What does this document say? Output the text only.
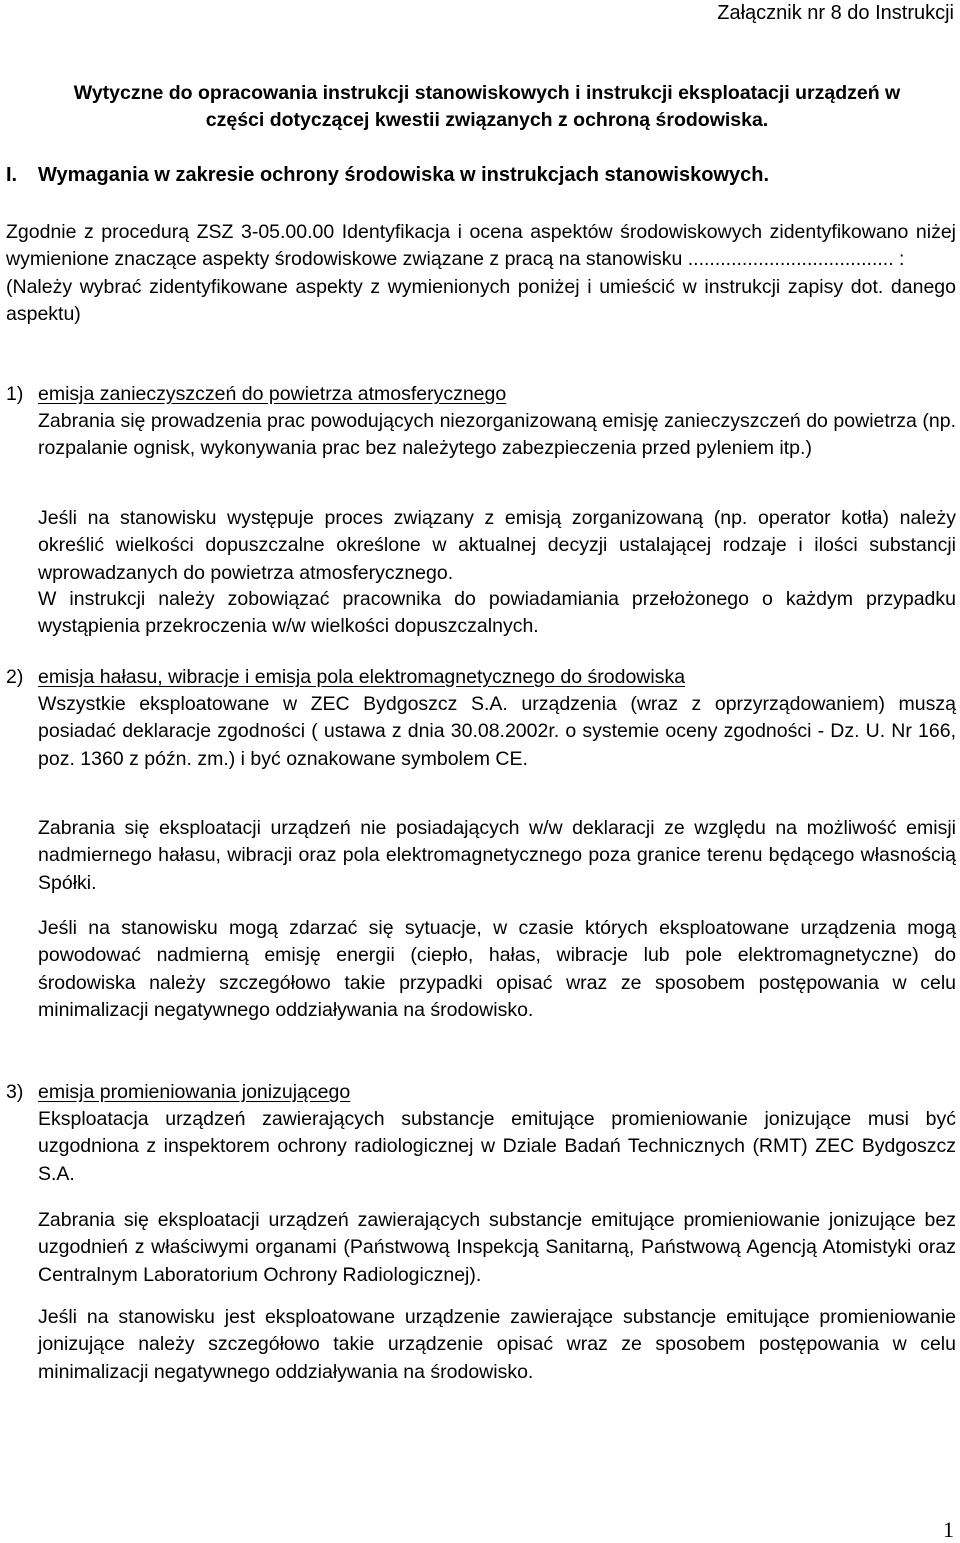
Załącznik nr 8 do Instrukcji
Wytyczne do opracowania instrukcji stanowiskowych i instrukcji eksploatacji urządzeń w części dotyczącej kwestii związanych z ochroną środowiska.
I. Wymagania w zakresie ochrony środowiska w instrukcjach stanowiskowych.

Zgodnie z procedurą ZSZ 3-05.00.00 Identyfikacja i ocena aspektów środowiskowych zidentyfikowano niżej wymienione znaczące aspekty środowiskowe związane z pracą na stanowisku ...................................... :

(Należy wybrać zidentyfikowane aspekty z wymienionych poniżej i umieścić w instrukcji zapisy dot. danego aspektu)

1) emisja zanieczyszczeń do powietrza atmosferycznego

Zabrania się prowadzenia prac powodujących niezorganizowaną emisję zanieczyszczeń do powietrza (np. rozpalanie ognisk, wykonywania prac bez należytego zabezpieczenia przed pyleniem itp.)

Jeśli na stanowisku występuje proces związany z emisją zorganizowaną (np. operator kotła) należy określić wielkości dopuszczalne określone w aktualnej decyzji ustalającej rodzaje i ilości substancji wprowadzanych do powietrza atmosferycznego.

W instrukcji należy zobowiązać pracownika do powiadamiania przełożonego o każdym przypadku wystąpienia przekroczenia w/w wielkości dopuszczalnych.

2) emisja hałasu, wibracje i emisja pola elektromagnetycznego do środowiska

Wszystkie eksploatowane w ZEC Bydgoszcz S.A. urządzenia (wraz z oprzyrządowaniem) muszą posiadać deklaracje zgodności ( ustawa z dnia 30.08.2002r. o systemie oceny zgodności - Dz. U. Nr 166, poz. 1360 z późn. zm.) i być oznakowane symbolem CE.

Zabrania się eksploatacji urządzeń nie posiadających w/w deklaracji ze względu na możliwość emisji nadmiernego hałasu, wibracji oraz pola elektromagnetycznego poza granice terenu będącego własnością Spółki.

Jeśli na stanowisku mogą zdarzać się sytuacje, w czasie których eksploatowane urządzenia mogą powodować nadmierną emisję energii (ciepło, hałas, wibracje lub pole elektromagnetyczne) do środowiska należy szczegółowo takie przypadki opisać wraz ze sposobem postępowania w celu minimalizacji negatywnego oddziaływania na środowisko.

3) emisja promieniowania jonizującego

Eksploatacja urządzeń zawierających substancje emitujące promieniowanie jonizujące musi być uzgodniona z inspektorem ochrony radiologicznej w Dziale Badań Technicznych (RMT) ZEC Bydgoszcz S.A.

Zabrania się eksploatacji urządzeń zawierających substancje emitujące promieniowanie jonizujące bez uzgodnień z właściwymi organami (Państwową Inspekcją Sanitarną, Państwową Agencją Atomistyki oraz Centralnym Laboratorium Ochrony Radiologicznej).

Jeśli na stanowisku jest eksploatowane urządzenie zawierające substancje emitujące promieniowanie jonizujące należy szczegółowo takie urządzenie opisać wraz ze sposobem postępowania w celu minimalizacji negatywnego oddziaływania na środowisko.

1
